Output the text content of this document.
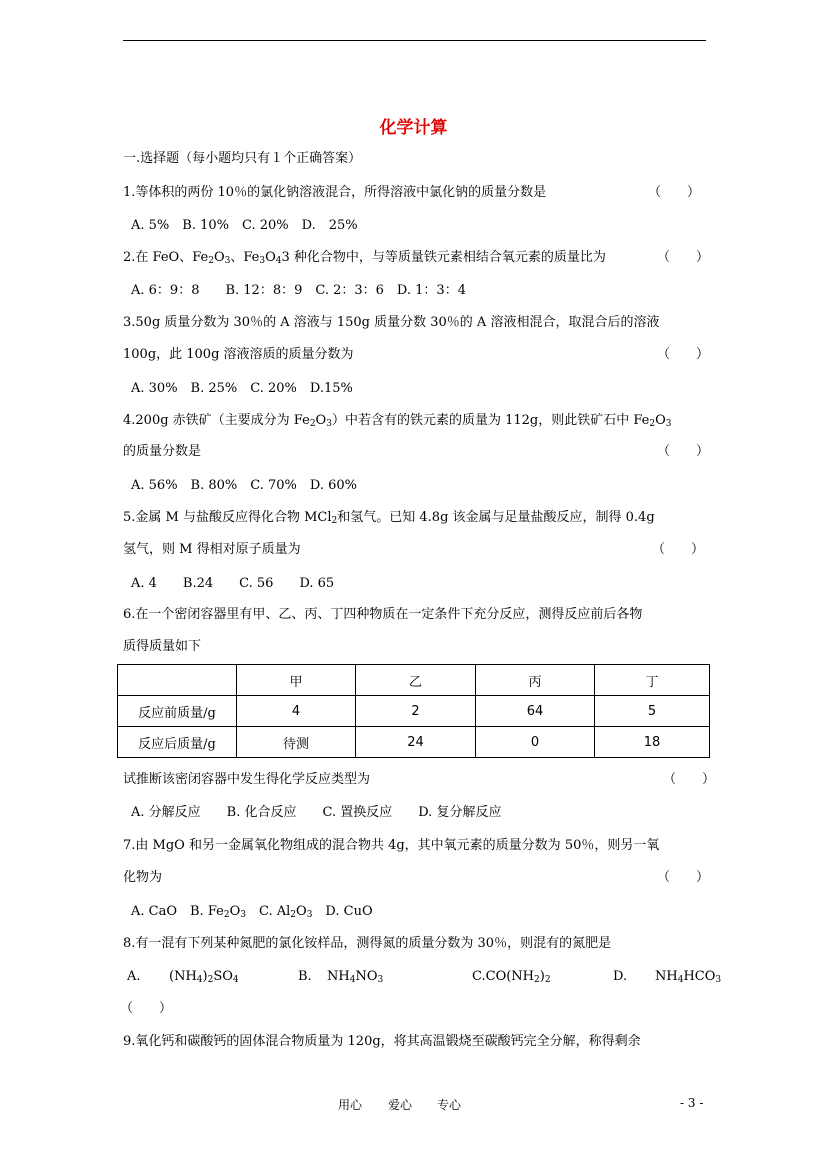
化学计算
一.选择题（每小题均只有１个正确答案）
1.等体积的两份 10％的氯化钠溶液混合，所得溶液中氯化钠的质量分数是	（　　）
A. 5%　B. 10%　C. 20%　D.　25%
2.在 FeO、$Fe_2O_3$、$Fe_3O_43$ 种化合物中，与等质量铁元素相结合氧元素的质量比为	（　　）
A. 6：9：8　　B. 12：8：9　C. 2：3：6　D. 1：3：4
3.50g 质量分数为 30％的 A 溶液与 150g 质量分数 30％的 A 溶液相混合，取混合后的溶液
100g，此 100g 溶液溶质的质量分数为	（　　）
A. 30%　B. 25%　C. 20%　D.15%
4.200g 赤铁矿（主要成分为 $Fe_2O_3$）中若含有的铁元素的质量为 112g，则此铁矿石中 $Fe_2O_3$
的质量分数是	（　　）
A. 56%　B. 80%　C. 70%　D. 60%
5.金属 M 与盐酸反应得化合物 MCl$_2$和氢气。已知 4.8g 该金属与足量盐酸反应，制得 0.4g
氢气，则 M 得相对原子质量为	（　　）
A. 4　　B.24　　C. 56　　D. 65
6.在一个密闭容器里有甲、乙、丙、丁四种物质在一定条件下充分反应，测得反应前后各物
质得质量如下
	甲	乙	丙	丁
反应前质量/g	4	2	64	5
反应后质量/g	待测	24	0	18
试推断该密闭容器中发生得化学反应类型为	（　　）
A. 分解反应　　B. 化合反应　　C. 置换反应　　D. 复分解反应
7.由 MgO 和另一金属氧化物组成的混合物共 4g，其中氧元素的质量分数为 50％，则另一氧
化物为	（　　）
A. CaO　B. $Fe_2O_3$　C. $Al_2O_3$　D. CuO
8.有一混有下列某种氮肥的氯化铵样品，测得氮的质量分数为 30％，则混有的氮肥是
A. $(NH_4)_2SO_4$	B. $NH_4NO_3$	$C.CO(NH_2)_2$	D. $NH_4HCO_3$
（　　）
9.氧化钙和碳酸钙的固体混合物质量为 120g，将其高温锻烧至碳酸钙完全分解，称得剩余
用心 爱心 专心	- 3 -
